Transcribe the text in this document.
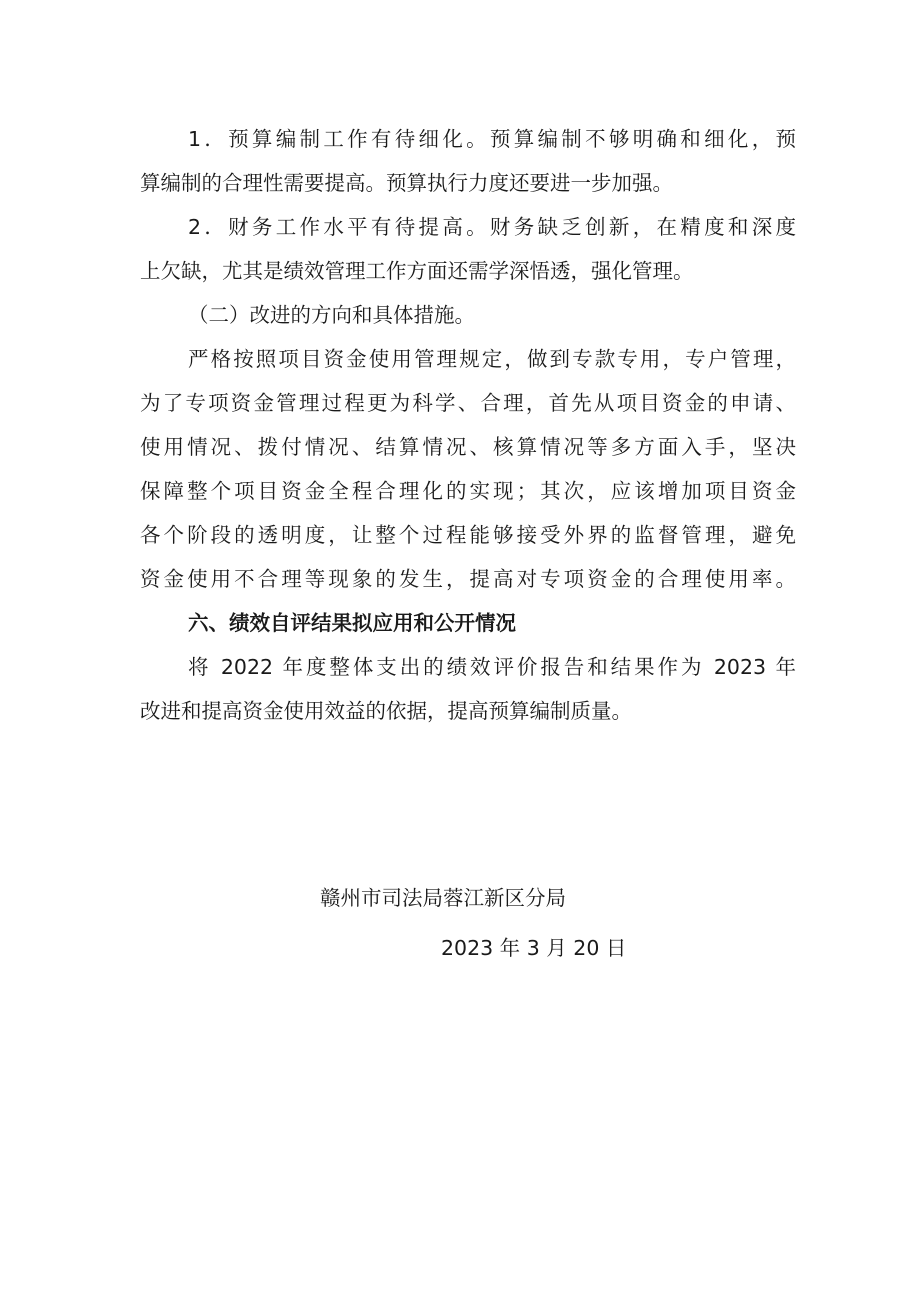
1．预算编制工作有待细化。预算编制不够明确和细化，预
算编制的合理性需要提高。预算执行力度还要进一步加强。
2．财务工作水平有待提高。财务缺乏创新，在精度和深度
上欠缺，尤其是绩效管理工作方面还需学深悟透，强化管理。
（二）改进的方向和具体措施。
严格按照项目资金使用管理规定，做到专款专用，专户管理，
为了专项资金管理过程更为科学、合理，首先从项目资金的申请、
使用情况、拨付情况、结算情况、核算情况等多方面入手，坚决
保障整个项目资金全程合理化的实现；其次，应该增加项目资金
各个阶段的透明度，让整个过程能够接受外界的监督管理，避免
资金使用不合理等现象的发生，提高对专项资金的合理使用率。
六、绩效自评结果拟应用和公开情况
将 2022 年度整体支出的绩效评价报告和结果作为 2023 年
改进和提高资金使用效益的依据，提高预算编制质量。
赣州市司法局蓉江新区分局
2023 年 3 月 20 日
